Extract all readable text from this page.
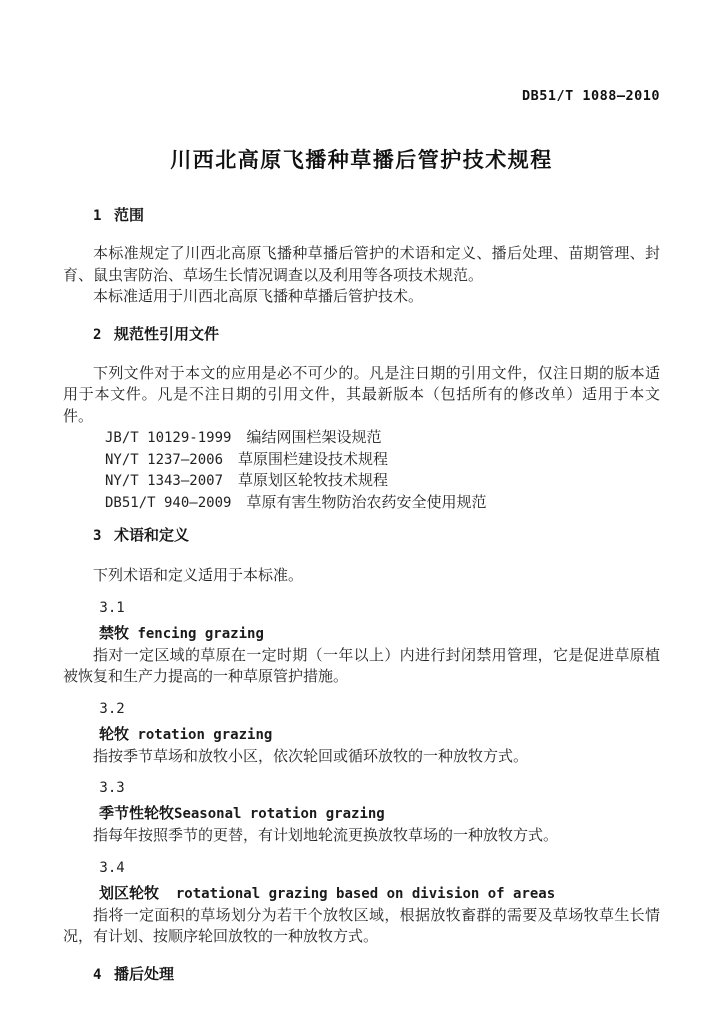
DB51/T 1088—2010
川西北高原飞播种草播后管护技术规程
1 范围

本标准规定了川西北高原飞播种草播后管护的术语和定义、播后处理、苗期管理、封育、鼠虫害防治、草场生长情况调查以及利用等各项技术规范。

本标准适用于川西北高原飞播种草播后管护技术。

2 规范性引用文件

下列文件对于本文的应用是必不可少的。凡是注日期的引用文件，仅注日期的版本适用于本文件。凡是不注日期的引用文件，其最新版本（包括所有的修改单）适用于本文件。

JB/T 10129-1999 编结网围栏架设规范
NY/T 1237—2006 草原围栏建设技术规程
NY/T 1343—2007 草原划区轮牧技术规程
DB51/T 940—2009 草原有害生物防治农药安全使用规范
3 术语和定义

下列术语和定义适用于本标准。

3.1
禁牧 fencing grazing

指对一定区域的草原在一定时期（一年以上）内进行封闭禁用管理，它是促进草原植被恢复和生产力提高的一种草原管护措施。

3.2
轮牧 rotation grazing

指按季节草场和放牧小区，依次轮回或循环放牧的一种放牧方式。

3.3
季节性轮牧Seasonal rotation grazing

指每年按照季节的更替，有计划地轮流更换放牧草场的一种放牧方式。

3.4
划区轮牧 rotational grazing based on division of areas

指将一定面积的草场划分为若干个放牧区域，根据放牧畜群的需要及草场牧草生长情况，有计划、按顺序轮回放牧的一种放牧方式。

4 播后处理
